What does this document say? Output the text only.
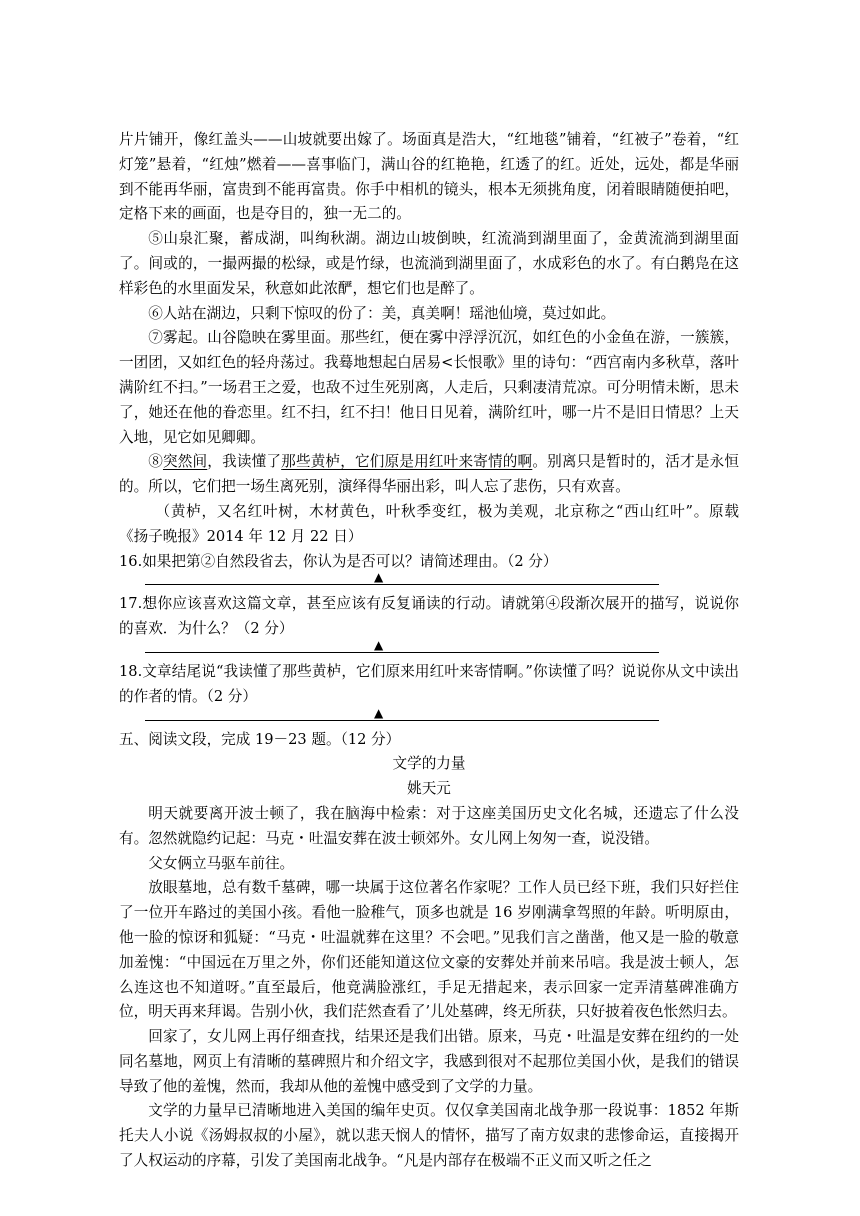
片片铺开，像红盖头——山坡就要出嫁了。场面真是浩大，“红地毯”铺着，“红被子”卷着，“红灯笼”悬着，“红烛”燃着——喜事临门，满山谷的红艳艳，红透了的红。近处，远处，都是华丽到不能再华丽，富贵到不能再富贵。你手中相机的镜头，根本无须挑角度，闭着眼睛随便拍吧，定格下来的画面，也是夺目的，独一无二的。

⑤山泉汇聚，蓄成湖，叫绚秋湖。湖边山坡倒映，红流淌到湖里面了，金黄流淌到湖里面了。间或的，一撮两撮的松绿，或是竹绿，也流淌到湖里面了，水成彩色的水了。有白鹅凫在这样彩色的水里面发呆，秋意如此浓酽，想它们也是醉了。

⑥人站在湖边，只剩下惊叹的份了：美，真美啊！瑶池仙境，莫过如此。

⑦雾起。山谷隐映在雾里面。那些红，便在雾中浮浮沉沉，如红色的小金鱼在游，一簇簇，一团团，又如红色的轻舟荡过。我蓦地想起白居易<长恨歌》里的诗句：“西宫南内多秋草，落叶满阶红不扫。”一场君王之爱，也敌不过生死别离，人走后，只剩凄清荒凉。可分明情未断，思未了，她还在他的眷恋里。红不扫，红不扫！他日日见着，满阶红叶，哪一片不是旧日情思？上天入地，见它如见卿卿。

⑧突然间，我读懂了那些黄栌，它们原是用红叶来寄情的啊。别离只是暂时的，活才是永恒的。所以，它们把一场生离死别，演绎得华丽出彩，叫人忘了悲伤，只有欢喜。

（黄栌，又名红叶树，木材黄色，叶秋季变红，极为美观，北京称之“西山红叶”。原载《扬子晚报》2014 年 12 月 22 日）

16.如果把第②自然段省去，你认为是否可以？请简述理由。（2 分）

▲

17.想你应该喜欢这篇文章，甚至应该有反复诵读的行动。请就第④段渐次展开的描写，说说你的喜欢．为什么？（2 分）

▲

18.文章结尾说“我读懂了那些黄栌，它们原来用红叶来寄情啊。”你读懂了吗？说说你从文中读出的作者的情。（2 分）

▲

五、阅读文段，完成 19－23 题。（12 分）

文学的力量

姚天元

明天就要离开波士顿了，我在脑海中检索：对于这座美国历史文化名城，还遗忘了什么没有。忽然就隐约记起：马克・吐温安葬在波士顿郊外。女儿网上匆匆一查，说没错。

父女俩立马驱车前往。

放眼墓地，总有数千墓碑，哪一块属于这位著名作家呢？工作人员已经下班，我们只好拦住了一位开车路过的美国小孩。看他一脸稚气，顶多也就是 16 岁刚满拿驾照的年龄。听明原由，他一脸的惊讶和狐疑：“马克・吐温就葬在这里？不会吧。”见我们言之凿凿，他又是一脸的敬意加羞愧：“中国远在万里之外，你们还能知道这位文豪的安葬处并前来吊唁。我是波士顿人，怎么连这也不知道呀。”直至最后，他竟满脸涨红，手足无措起来，表示回家一定弄清墓碑准确方位，明天再来拜谒。告别小伙，我们茫然查看了’儿处墓碑，终无所获，只好披着夜色怅然归去。

回家了，女儿网上再仔细查找，结果还是我们出错。原来，马克・吐温是安葬在纽约的一处同名墓地，网页上有清晰的墓碑照片和介绍文字，我感到很对不起那位美国小伙，是我们的错误导致了他的羞愧，然而，我却从他的羞愧中感受到了文学的力量。

文学的力量早已清晰地进入美国的编年史页。仅仅拿美国南北战争那一段说事：1852 年斯托夫人小说《汤姆叔叔的小屋》，就以悲天悯人的情怀，描写了南方奴隶的悲惨命运，直接揭开了人权运动的序幕，引发了美国南北战争。“凡是内部存在极端不正义而又听之任之
